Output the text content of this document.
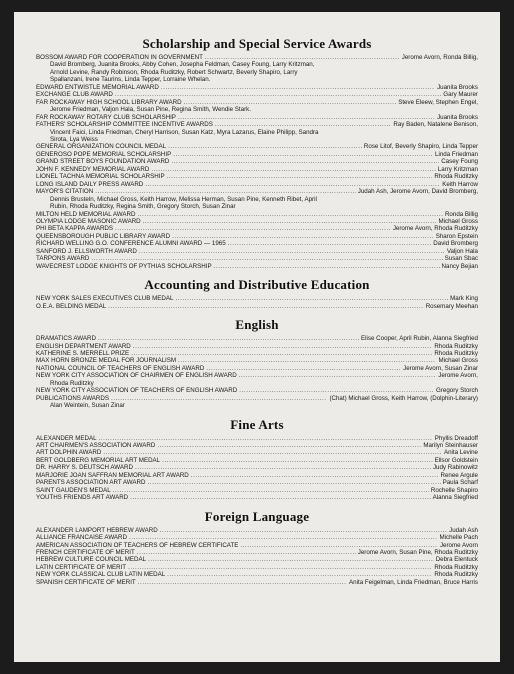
Scholarship and Special Service Awards
BOSSOM AWARD FOR COOPERATION IN GOVERNMENT .....	Jerome Avorn, Ronda Billig,
David Bromberg, Juanita Brooks, Abby Cohen, Josepha Feldman, Casey Foung, Larry Kritzman,
Arnold Levine, Randy Robinson, Rhoda Ruditzky, Robert Schwartz, Beverly Shapiro, Larry
Spallanzani, Irene Taurins, Linda Tepper, Lorraine Whelan.
EDWARD ENTWISTLE MEMORIAL AWARD .....	Juanita Brooks
EXCHANGE CLUB AWARD .....	Gary Maurer
FAR ROCKAWAY HIGH SCHOOL LIBRARY AWARD .....	Steve Eleew, Stephen Engel,
Jerome Friedman, Valjon Hala, Susan Pine, Regina Smith, Wendie Stark.
FAR ROCKAWAY ROTARY CLUB SCHOLARSHIP .....	Juanita Brooks
FATHERS' SCHOLARSHIP COMMITTEE INCENTIVE AWARDS .....	Ray Baden, Natalene Benison,
Vincent Faici, Linda Friedman, Cheryl Harrison, Susan Katz, Myra Lazarus, Elaine Philipp, Sandra
Sirota, Lya Weiss
GENERAL ORGANIZATION COUNCIL MEDAL .....	Rose Litof, Beverly Shapiro, Linda Tepper
GENEROSO POPE MEMORIAL SCHOLARSHIP .....	Linda Friedman
GRAND STREET BOYS FOUNDATION AWARD .....	Casey Foung
JOHN F. KENNEDY MEMORIAL AWARD .....	Larry Kritzman
LIONEL TACHNA MEMORIAL SCHOLARSHIP .....	Rhoda Ruditzky
LONG ISLAND DAILY PRESS AWARD .....	Keith Harrow
MAYOR'S CITATION .....	Judah Ash, Jerome Avorn, David Bromberg,
Dennis Brusteln, Michael Gross, Keith Harrow, Melissa Herman, Susan Pine, Kenneth Ribet, April
Rubin, Rhoda Ruditzky, Regina Smith, Gregory Storch, Susan Zinar
MILTON HELD MEMORIAL AWARD .....	Ronda Billig
OLYMPIA LODGE MASONIC AWARD .....	Michael Gross
PHI BETA KAPPA AWARDS .....	Jerome Avorn, Rhoda Ruditzky
QUEENSBOROUGH PUBLIC LIBRARY AWARD .....	Sharon Epstein
RICHARD WELLING G.O. CONFERENCE ALUMNI AWARD — 1965 .....	David Bromberg
SANFORD J. ELLSWORTH AWARD .....	Valjon Hala
TARPONS AWARD .....	Susan Sbac
WAVECREST LODGE KNIGHTS OF PYTHIAS SCHOLARSHIP .....	Nancy Bejian
Accounting and Distributive Education
NEW YORK SALES EXECUTIVES CLUB MEDAL .....	Mark King
O.E.A. BELDING MEDAL .....	Rosemary Meehan
English
DRAMATICS AWARD .....	Elise Cooper, April Rubin, Alanna Siegfried
ENGLISH DEPARTMENT AWARD .....	Rhoda Ruditzky
KATHERINE S. MERRELL PRIZE .....	Rhoda Ruditzky
MAX HORN BRONZE MEDAL FOR JOURNALISM .....	Michael Gross
NATIONAL COUNCIL OF TEACHERS OF ENGLISH AWARD .....	Jerome Avorn, Susan Zinar
NEW YORK CITY ASSOCIATION OF CHAIRMEN OF ENGLISH AWARD .....	Jerome Avorn,
Rhoda Ruditzky
NEW YORK CITY ASSOCIATION OF TEACHERS OF ENGLISH AWARD .....	Gregory Storch
PUBLICATIONS AWARDS .....	(Chat) Michael Gross, Keith Harrow, (Dolphin-Literary)
Alan Weintein, Susan Zinar
Fine Arts
ALEXANDER MEDAL .....	Phyllis Dreadoff
ART CHAIRMEN'S ASSOCIATION AWARD .....	Marilyn Steinhauser
ART DOLPHIN AWARD .....	Anita Levine
BERT GOLDBERG MEMORIAL ART MEDAL .....	Ellsor Goldstein
DR. HARRY S. DEUTSCH AWARD .....	Judy Rabinowitz
MARJORIE JOAN SAFFRAN MEMORIAL ART AWARD .....	Renee Argule
PARENTS ASSOCIATION ART AWARD .....	Paula Scharf
SAINT GAUDEN'S MEDAL .....	Rochelle Shapiro
YOUTHS FRIENDS ART AWARD .....	Alanna Siegfried
Foreign Language
ALEXANDER LAMPORT HEBREW AWARD .....	Judah Ash
ALLIANCE FRANCAISE AWARD .....	Michelle Pach
AMERICAN ASSOCIATION OF TEACHERS OF HEBREW CERTIFICATE .....	Jerome Avorn
FRENCH CERTIFICATE OF MERIT .....	Jerome Avorn, Susan Pine, Rhoda Ruditzky
HEBREW CULTURE COUNCIL MEDAL .....	Debra Elentuck
LATIN CERTIFICATE OF MERIT .....	Rhoda Ruditzky
NEW YORK CLASSICAL CLUB LATIN MEDAL .....	Rhoda Ruditzky
SPANISH CERTIFICATE OF MERIT .....	Anita Feigelman, Linda Friedman, Bruce Harris
